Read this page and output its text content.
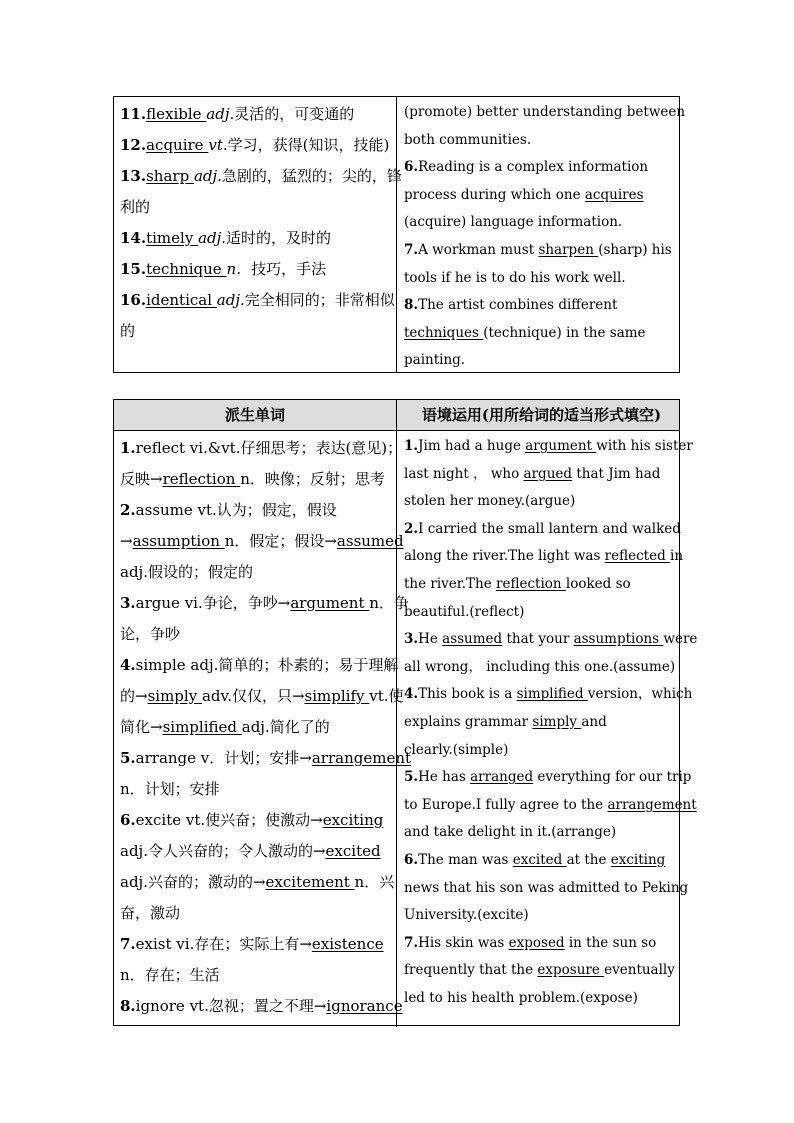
11.flexible adj.灵活的，可变通的
12.acquire vt.学习，获得(知识，技能)
13.sharp adj.急剧的，猛烈的；尖的，锋
利的
14.timely adj.适时的，及时的
15.technique n．技巧，手法
16.identical adj.完全相同的；非常相似
的
(promote) better understanding between
both communities.
6.Reading is a complex information
process during which one acquires
(acquire) language information.
7.A workman must sharpen (sharp) his
tools if he is to do his work well.
8.The artist combines different
techniques (technique) in the same
painting.
派生单词	语境运用(用所给词的适当形式填空)
1.reflect vi.&vt.仔细思考；表达(意见)；
反映→reflection n．映像；反射；思考
2.assume vt.认为；假定，假设
→assumption n．假定；假设→assumed
adj.假设的；假定的
3.argue vi.争论，争吵→argument n．争
论，争吵
4.simple adj.简单的；朴素的；易于理解
的→simply adv.仅仅，只→simplify vt.使
简化→simplified adj.简化了的
5.arrange v．计划；安排→arrangement
n．计划；安排
6.excite vt.使兴奋；使激动→exciting
adj.令人兴奋的；令人激动的→excited
adj.兴奋的；激动的→excitement n．兴
奋，激动
7.exist vi.存在；实际上有→existence
n．存在；生活
8.ignore vt.忽视；置之不理→ignorance
1.Jim had a huge argument with his sister
last night ， who argued that Jim had
stolen her money.(argue)
2.I carried the small lantern and walked
along the river.The light was reflected in
the river.The reflection looked so
beautiful.(reflect)
3.He assumed that your assumptions were
all wrong， including this one.(assume)
4.This book is a simplified version，which
explains grammar simply and
clearly.(simple)
5.He has arranged everything for our trip
to Europe.I fully agree to the arrangement
and take delight in it.(arrange)
6.The man was excited at the exciting
news that his son was admitted to Peking
University.(excite)
7.His skin was exposed in the sun so
frequently that the exposure eventually
led to his health problem.(expose)
